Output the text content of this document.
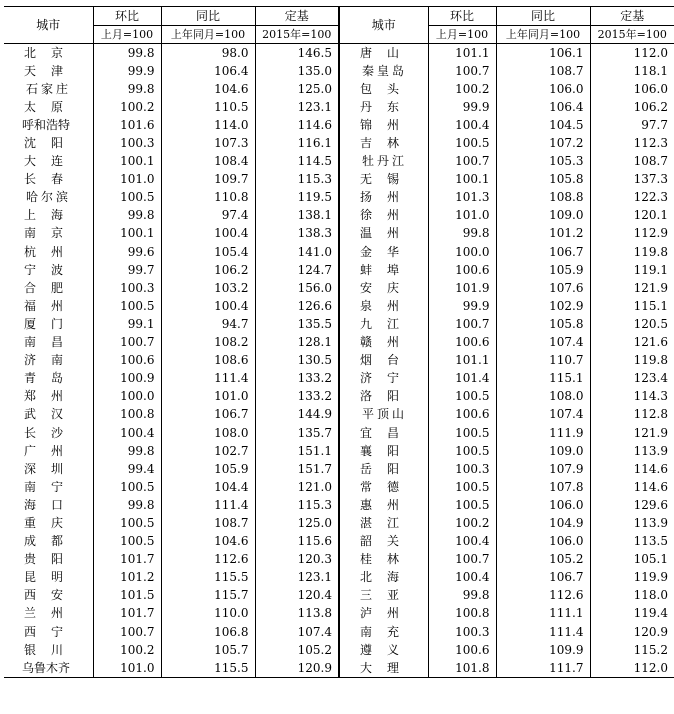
城市	环比	同比	定基	城市	环比	同比	定基
	上月=100	上年同月=100	2015年=100		上月=100	上年同月=100	2015年=100
北京	99.8	98.0	146.5	唐山	101.1	106.1	112.0
天津	99.9	106.4	135.0	秦皇岛	100.7	108.7	118.1
石家庄	99.8	104.6	125.0	包头	100.2	106.0	106.0
太原	100.2	110.5	123.1	丹东	99.9	106.4	106.2
呼和浩特	101.6	114.0	114.6	锦州	100.4	104.5	97.7
沈阳	100.3	107.3	116.1	吉林	100.5	107.2	112.3
大连	100.1	108.4	114.5	牡丹江	100.7	105.3	108.7
长春	101.0	109.7	115.3	无锡	100.1	105.8	137.3
哈尔滨	100.5	110.8	119.5	扬州	101.3	108.8	122.3
上海	99.8	97.4	138.1	徐州	101.0	109.0	120.1
南京	100.1	100.4	138.3	温州	99.8	101.2	112.9
杭州	99.6	105.4	141.0	金华	100.0	106.7	119.8
宁波	99.7	106.2	124.7	蚌埠	100.6	105.9	119.1
合肥	100.3	103.2	156.0	安庆	101.9	107.6	121.9
福州	100.5	100.4	126.6	泉州	99.9	102.9	115.1
厦门	99.1	94.7	135.5	九江	100.7	105.8	120.5
南昌	100.7	108.2	128.1	赣州	100.6	107.4	121.6
济南	100.6	108.6	130.5	烟台	101.1	110.7	119.8
青岛	100.9	111.4	133.2	济宁	101.4	115.1	123.4
郑州	100.0	101.0	133.2	洛阳	100.5	108.0	114.3
武汉	100.8	106.7	144.9	平顶山	100.6	107.4	112.8
长沙	100.4	108.0	135.7	宜昌	100.5	111.9	121.9
广州	99.8	102.7	151.1	襄阳	100.5	109.0	113.9
深圳	99.4	105.9	151.7	岳阳	100.3	107.9	114.6
南宁	100.5	104.4	121.0	常德	100.5	107.8	114.6
海口	99.8	111.4	115.3	惠州	100.5	106.0	129.6
重庆	100.5	108.7	125.0	湛江	100.2	104.9	113.9
成都	100.5	104.6	115.6	韶关	100.4	106.0	113.5
贵阳	101.7	112.6	120.3	桂林	100.7	105.2	105.1
昆明	101.2	115.5	123.1	北海	100.4	106.7	119.9
西安	101.5	115.7	120.4	三亚	99.8	112.6	118.0
兰州	101.7	110.0	113.8	泸州	100.8	111.1	119.4
西宁	100.7	106.8	107.4	南充	100.3	111.4	120.9
银川	100.2	105.7	105.2	遵义	100.6	109.9	115.2
乌鲁木齐	101.0	115.5	120.9	大理	101.8	111.7	112.0
